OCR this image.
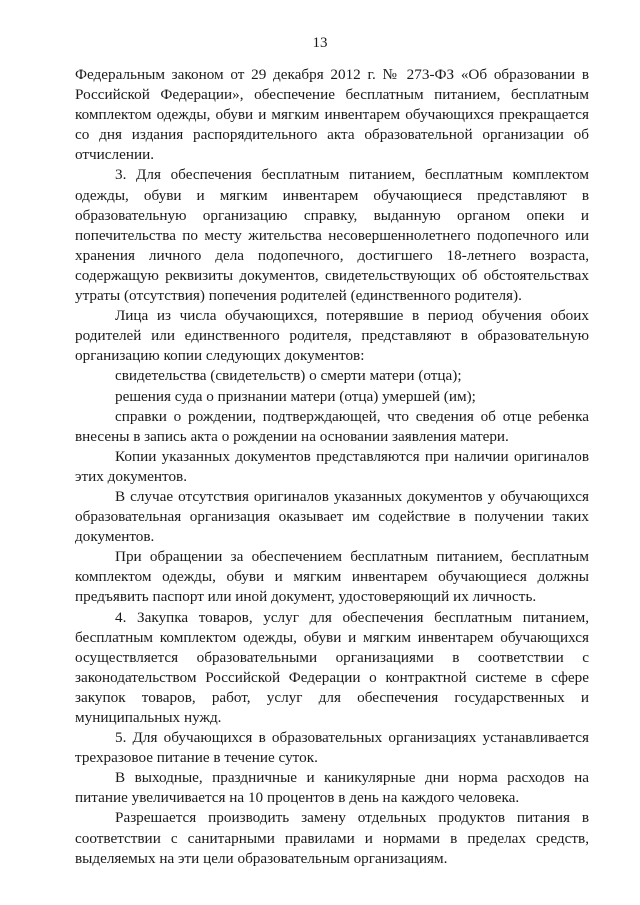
13

Федеральным законом от 29 декабря 2012 г. № 273-ФЗ «Об образовании в Российской Федерации», обеспечение бесплатным питанием, бесплатным комплектом одежды, обуви и мягким инвентарем обучающихся прекращается со дня издания распорядительного акта образовательной организации об отчислении.

3. Для обеспечения бесплатным питанием, бесплатным комплектом одежды, обуви и мягким инвентарем обучающиеся представляют в образовательную организацию справку, выданную органом опеки и попечительства по месту жительства несовершеннолетнего подопечного или хранения личного дела подопечного, достигшего 18-летнего возраста, содержащую реквизиты документов, свидетельствующих об обстоятельствах утраты (отсутствия) попечения родителей (единственного родителя).

Лица из числа обучающихся, потерявшие в период обучения обоих родителей или единственного родителя, представляют в образовательную организацию копии следующих документов:

свидетельства (свидетельств) о смерти матери (отца);

решения суда о признании матери (отца) умершей (им);

справки о рождении, подтверждающей, что сведения об отце ребенка внесены в запись акта о рождении на основании заявления матери.

Копии указанных документов представляются при наличии оригиналов этих документов.

В случае отсутствия оригиналов указанных документов у обучающихся образовательная организация оказывает им содействие в получении таких документов.

При обращении за обеспечением бесплатным питанием, бесплатным комплектом одежды, обуви и мягким инвентарем обучающиеся должны предъявить паспорт или иной документ, удостоверяющий их личность.

4. Закупка товаров, услуг для обеспечения бесплатным питанием, бесплатным комплектом одежды, обуви и мягким инвентарем обучающихся осуществляется образовательными организациями в соответствии с законодательством Российской Федерации о контрактной системе в сфере закупок товаров, работ, услуг для обеспечения государственных и муниципальных нужд.

5. Для обучающихся в образовательных организациях устанавливается трехразовое питание в течение суток.

В выходные, праздничные и каникулярные дни норма расходов на питание увеличивается на 10 процентов в день на каждого человека.

Разрешается производить замену отдельных продуктов питания в соответствии с санитарными правилами и нормами в пределах средств, выделяемых на эти цели образовательным организациям.
